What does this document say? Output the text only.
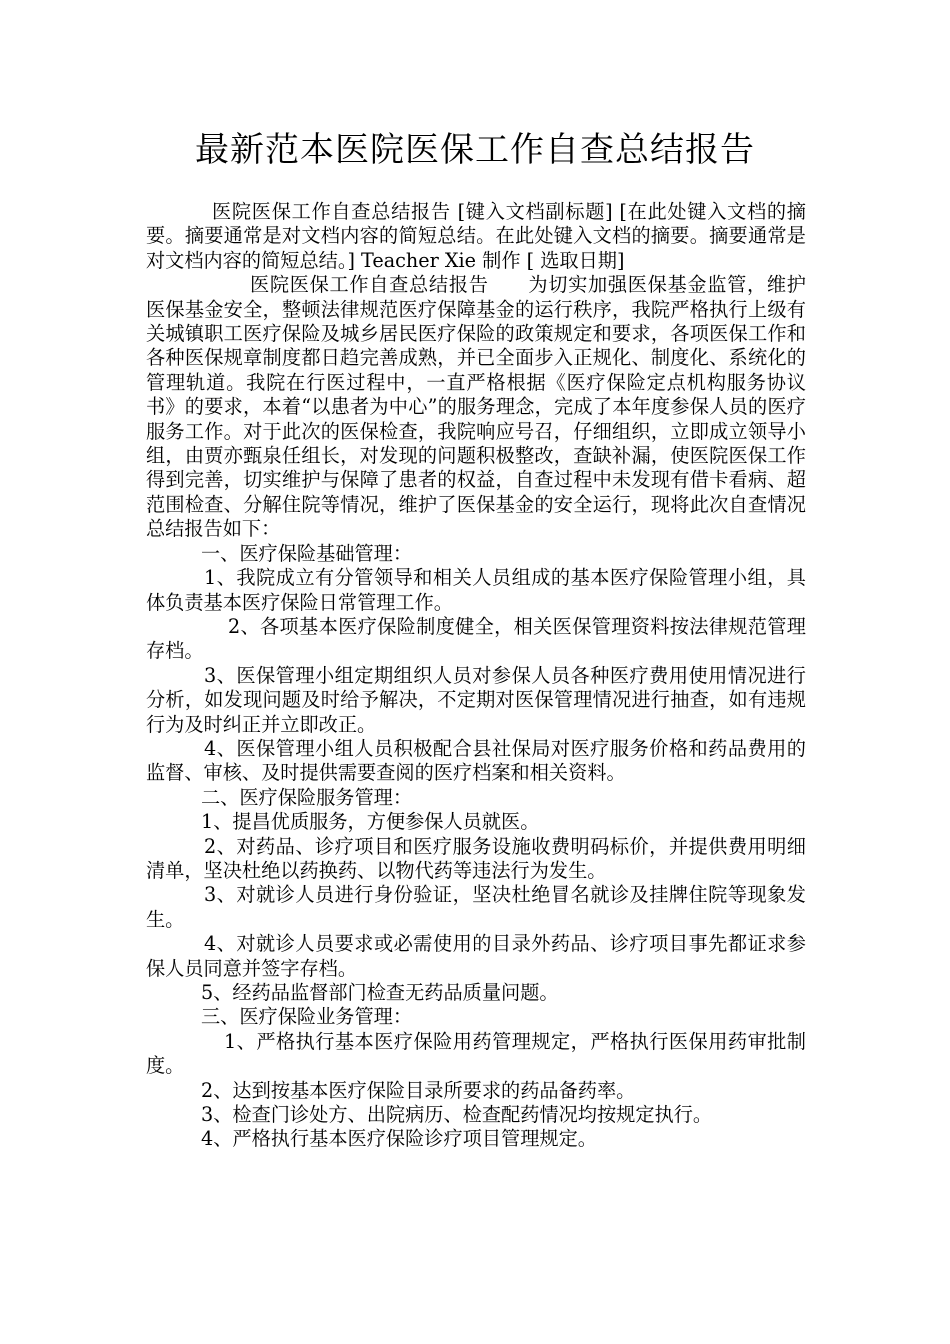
最新范本医院医保工作自查总结报告

医院医保工作自查总结报告 [键入文档副标题] [在此处键入文档的摘要。摘要通常是对文档内容的简短总结。在此处键入文档的摘要。摘要通常是对文档内容的简短总结。] Teacher Xie 制作 [ 选取日期]

医院医保工作自查总结报告　　为切实加强医保基金监管，维护医保基金安全，整顿法律规范医疗保障基金的运行秩序，我院严格执行上级有关城镇职工医疗保险及城乡居民医疗保险的政策规定和要求，各项医保工作和各种医保规章制度都日趋完善成熟，并已全面步入正规化、制度化、系统化的管理轨道。我院在行医过程中，一直严格根据《医疗保险定点机构服务协议书》的要求，本着“以患者为中心”的服务理念，完成了本年度参保人员的医疗服务工作。对于此次的医保检查，我院响应号召，仔细组织，立即成立领导小组，由贾亦甄泉任组长，对发现的问题积极整改，查缺补漏，使医院医保工作得到完善，切实维护与保障了患者的权益，自查过程中未发现有借卡看病、超范围检查、分解住院等情况，维护了医保基金的安全运行，现将此次自查情况总结报告如下：

一、医疗保险基础管理：

1、我院成立有分管领导和相关人员组成的基本医疗保险管理小组，具体负责基本医疗保险日常管理工作。

2、各项基本医疗保险制度健全，相关医保管理资料按法律规范管理存档。

3、医保管理小组定期组织人员对参保人员各种医疗费用使用情况进行分析，如发现问题及时给予解决，不定期对医保管理情况进行抽查，如有违规行为及时纠正并立即改正。

4、医保管理小组人员积极配合县社保局对医疗服务价格和药品费用的监督、审核、及时提供需要查阅的医疗档案和相关资料。

二、医疗保险服务管理：

1、提昌优质服务，方便参保人员就医。

2、对药品、诊疗项目和医疗服务设施收费明码标价，并提供费用明细清单，坚决杜绝以药换药、以物代药等违法行为发生。

3、对就诊人员进行身份验证，坚决杜绝冒名就诊及挂牌住院等现象发生。

4、对就诊人员要求或必需使用的目录外药品、诊疗项目事先都证求参保人员同意并签字存档。

5、经药品监督部门检查无药品质量问题。

三、医疗保险业务管理：

1、严格执行基本医疗保险用药管理规定，严格执行医保用药审批制度。

2、达到按基本医疗保险目录所要求的药品备药率。

3、检查门诊处方、出院病历、检查配药情况均按规定执行。

4、严格执行基本医疗保险诊疗项目管理规定。
